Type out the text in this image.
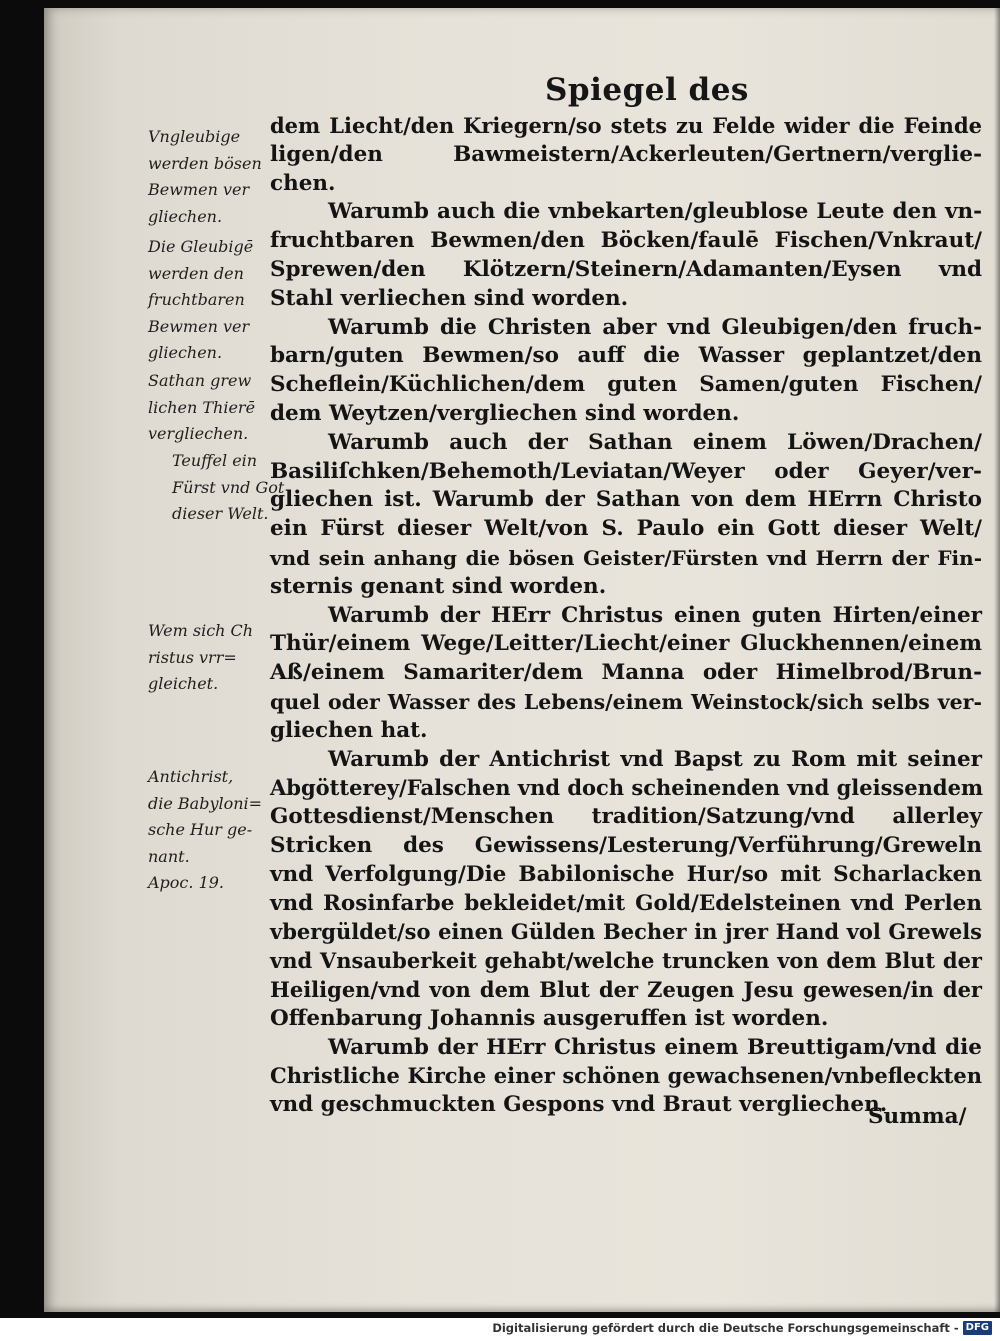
Spiegel des
Vngleubige
werden bösen
Bewmen ver
gliechen.
Die Gleubigē
werden den
fruchtbaren
Bewmen ver
gliechen.
Sathan grew
lichen Thierē
vergliechen.
Teuffel ein
Fürst vnd Got
dieser Welt.
Wem sich Ch
ristus vrr=
gleichet.
Antichrist,
die Babyloni=
sche Hur ge-
nant.
Apoc. 19.
dem Liecht/den Kriegern/so stets zu Felde wider die Feinde
ligen/den Bawmeistern/Ackerleuten/Gertnern/verglie-
chen.
Warumb auch die vnbekarten/gleublose Leute den vn-
fruchtbaren Bewmen/den Böcken/faulē Fischen/Vnkraut/
Sprewen/den Klötzern/Steinern/Adamanten/Eysen vnd
Stahl verliechen sind worden.
Warumb die Christen aber vnd Gleubigen/den fruch-
barn/guten Bewmen/so auff die Wasser geplantzet/den
Scheflein/Küchlichen/dem guten Samen/guten Fischen/
dem Weytzen/vergliechen sind worden.
Warumb auch der Sathan einem Löwen/Drachen/
Basiliſchken/Behemoth/Leviatan/Weyer oder Geyer/ver-
gliechen ist. Warumb der Sathan von dem HErrn Christo
ein Fürst dieser Welt/von S. Paulo ein Gott dieser Welt/
vnd sein anhang die bösen Geister/Fürsten vnd Herrn der Fin-
sternis genant sind worden.
Warumb der HErr Christus einen guten Hirten/einer
Thür/einem Wege/Leitter/Liecht/einer Gluckhennen/einem
Aß/einem Samariter/dem Manna oder Himelbrod/Brun-
quel oder Wasser des Lebens/einem Weinstock/sich selbs ver-
gliechen hat.
Warumb der Antichrist vnd Bapst zu Rom mit seiner
Abgötterey/Falschen vnd doch scheinenden vnd gleissendem
Gottesdienst/Menschen tradition/Satzung/vnd allerley
Stricken des Gewissens/Lesterung/Verführung/Greweln
vnd Verfolgung/Die Babilonische Hur/so mit Scharlacken
vnd Rosinfarbe bekleidet/mit Gold/Edelsteinen vnd Perlen
vbergüldet/so einen Gülden Becher in jrer Hand vol Grewels
vnd Vnsauberkeit gehabt/welche truncken von dem Blut der
Heiligen/vnd von dem Blut der Zeugen Jesu gewesen/in der
Offenbarung Johannis ausgeruffen ist worden.
Warumb der HErr Christus einem Breuttigam/vnd die
Christliche Kirche einer schönen gewachsenen/vnbefleckten
vnd geschmuckten Gespons vnd Braut vergliechen.
Summa/
Digitalisierung gefördert durch die Deutsche Forschungsgemeinschaft - DFG
